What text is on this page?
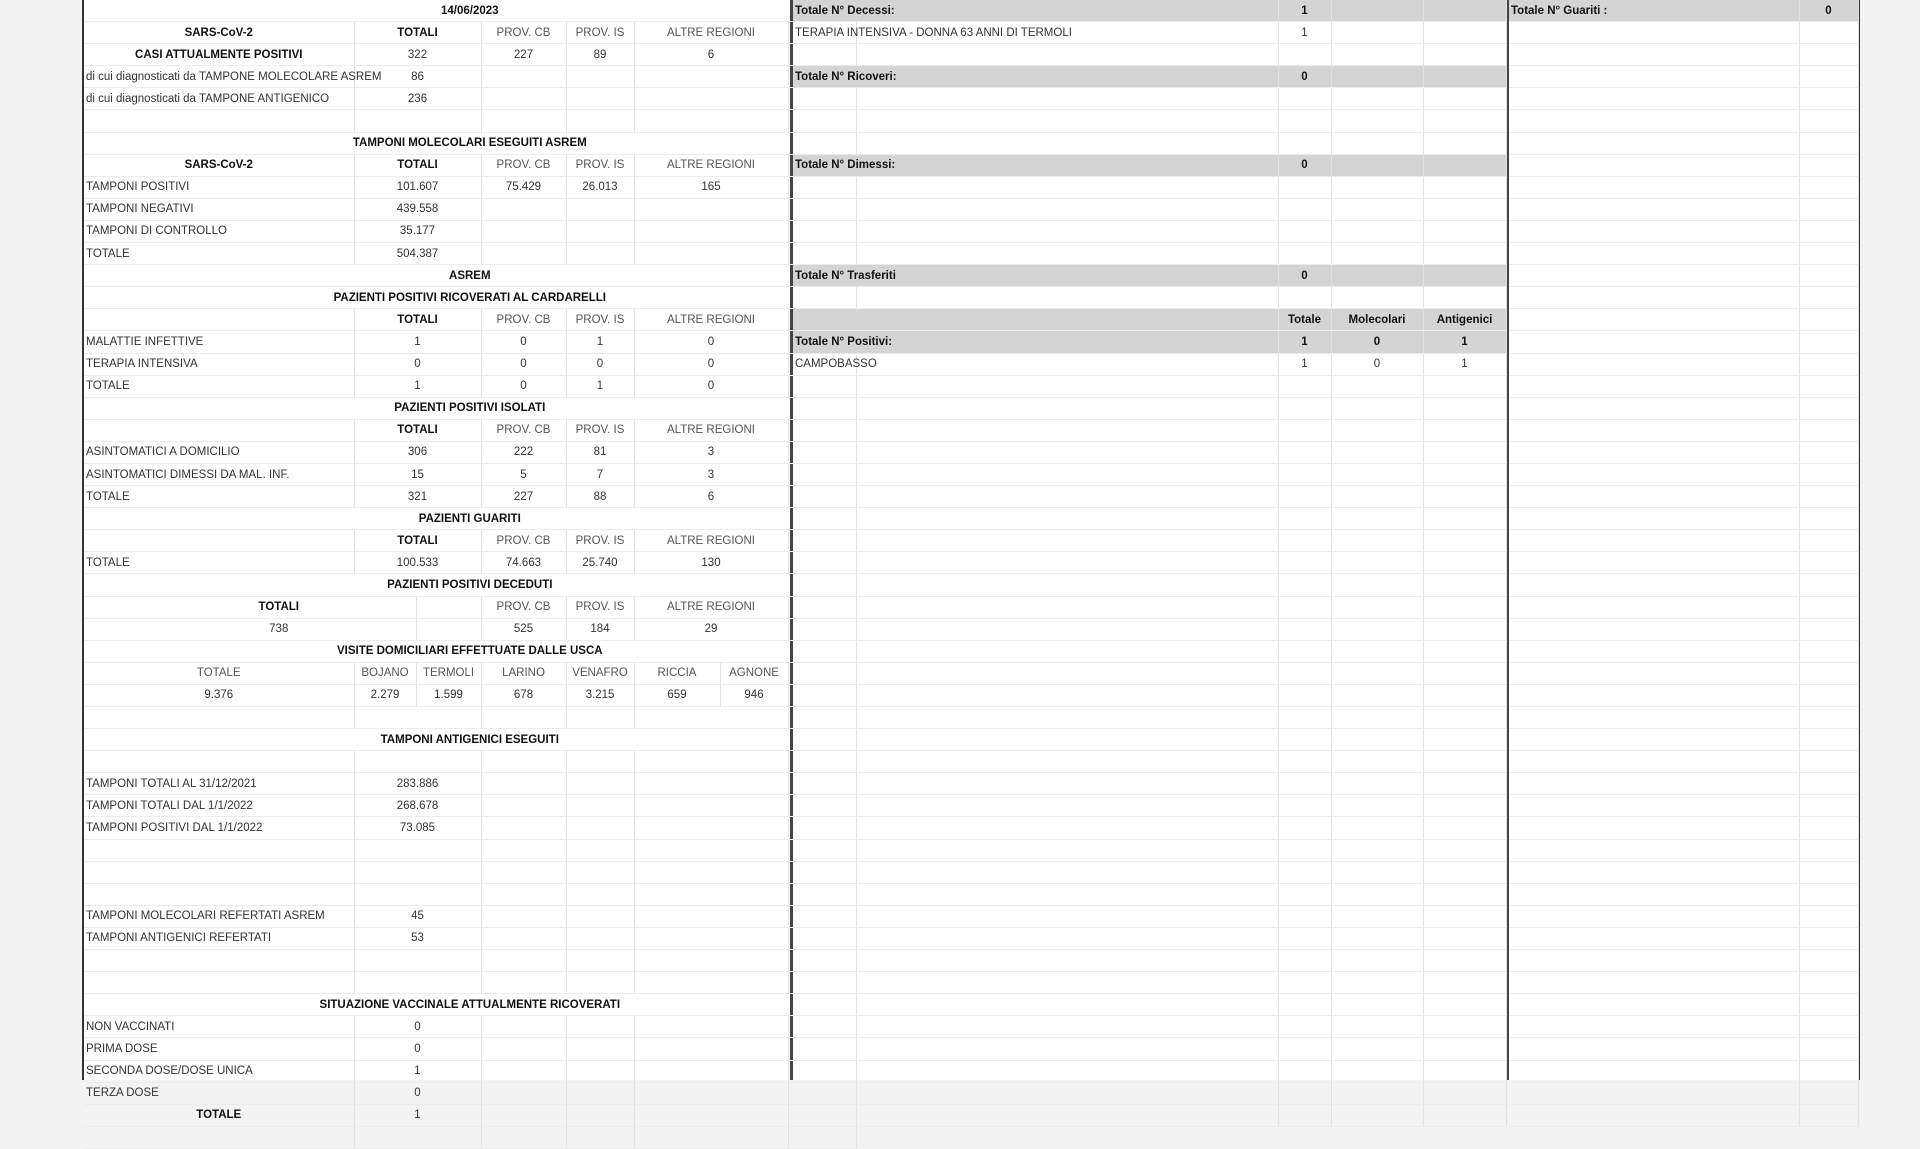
14/06/2023							
SARS-CoV-2	TOTALI		PROV. CB	PROV. IS	ALTRE REGIONI		
CASI ATTUALMENTE POSITIVI	322		227	89	6		
di cui diagnosticati da TAMPONE MOLECOLARE ASREM	86						
di cui diagnosticati da TAMPONE ANTIGENICO	236						

TAMPONI MOLECOLARI ESEGUITI ASREM							
SARS-CoV-2	TOTALI		PROV. CB	PROV. IS	ALTRE REGIONI		
TAMPONI POSITIVI	101.607		75.429	26.013	165		
TAMPONI NEGATIVI	439.558						
TAMPONI DI CONTROLLO	35.177						
TOTALE	504.387						
ASREM							
PAZIENTI POSITIVI RICOVERATI AL CARDARELLI							
	TOTALI		PROV. CB	PROV. IS	ALTRE REGIONI		
MALATTIE INFETTIVE	1		0	1	0		
TERAPIA INTENSIVA	0		0	0	0		
TOTALE	1		0	1	0		
PAZIENTI POSITIVI ISOLATI							
	TOTALI		PROV. CB	PROV. IS	ALTRE REGIONI		
ASINTOMATICI A DOMICILIO	306		222	81	3		
ASINTOMATICI DIMESSI DA MAL. INF.	15		5	7	3		
TOTALE	321		227	88	6		
PAZIENTI GUARITI							
	TOTALI		PROV. CB	PROV. IS	ALTRE REGIONI		
TOTALE	100.533		74.663	25.740	130		
PAZIENTI POSITIVI DECEDUTI							
TOTALI			PROV. CB	PROV. IS	ALTRE REGIONI		
738			525	184	29		
VISITE DOMICILIARI EFFETTUATE DALLE USCA							
TOTALE	BOJANO	TERMOLI	LARINO	VENAFRO	RICCIA	AGNONE	
9.376	2.279	1.599	678	3.215	659	946	

TAMPONI ANTIGENICI ESEGUITI							

TAMPONI TOTALI AL 31/12/2021	283.886						
TAMPONI TOTALI DAL 1/1/2022	268.678						
TAMPONI POSITIVI DAL 1/1/2022	73.085						

TAMPONI MOLECOLARI REFERTATI ASREM	45						
TAMPONI ANTIGENICI REFERTATI	53						

SITUAZIONE VACCINALE ATTUALMENTE RICOVERATI							
NON VACCINATI	0						
PRIMA DOSE	0						
SECONDA DOSE/DOSE UNICA	1						
TERZA DOSE	0						
TOTALE	1						

Totale N° Decessi:	1		
TERAPIA INTENSIVA - DONNA 63 ANNI DI TERMOLI	1		

Totale N° Ricoveri:	0		

Totale N° Dimessi:	0		

Totale N° Trasferiti	0		

	Totale	Molecolari	Antigenici
Totale N° Positivi:	1	0	1
CAMPOBASSO	1	0	1

Totale N° Guariti :	0
